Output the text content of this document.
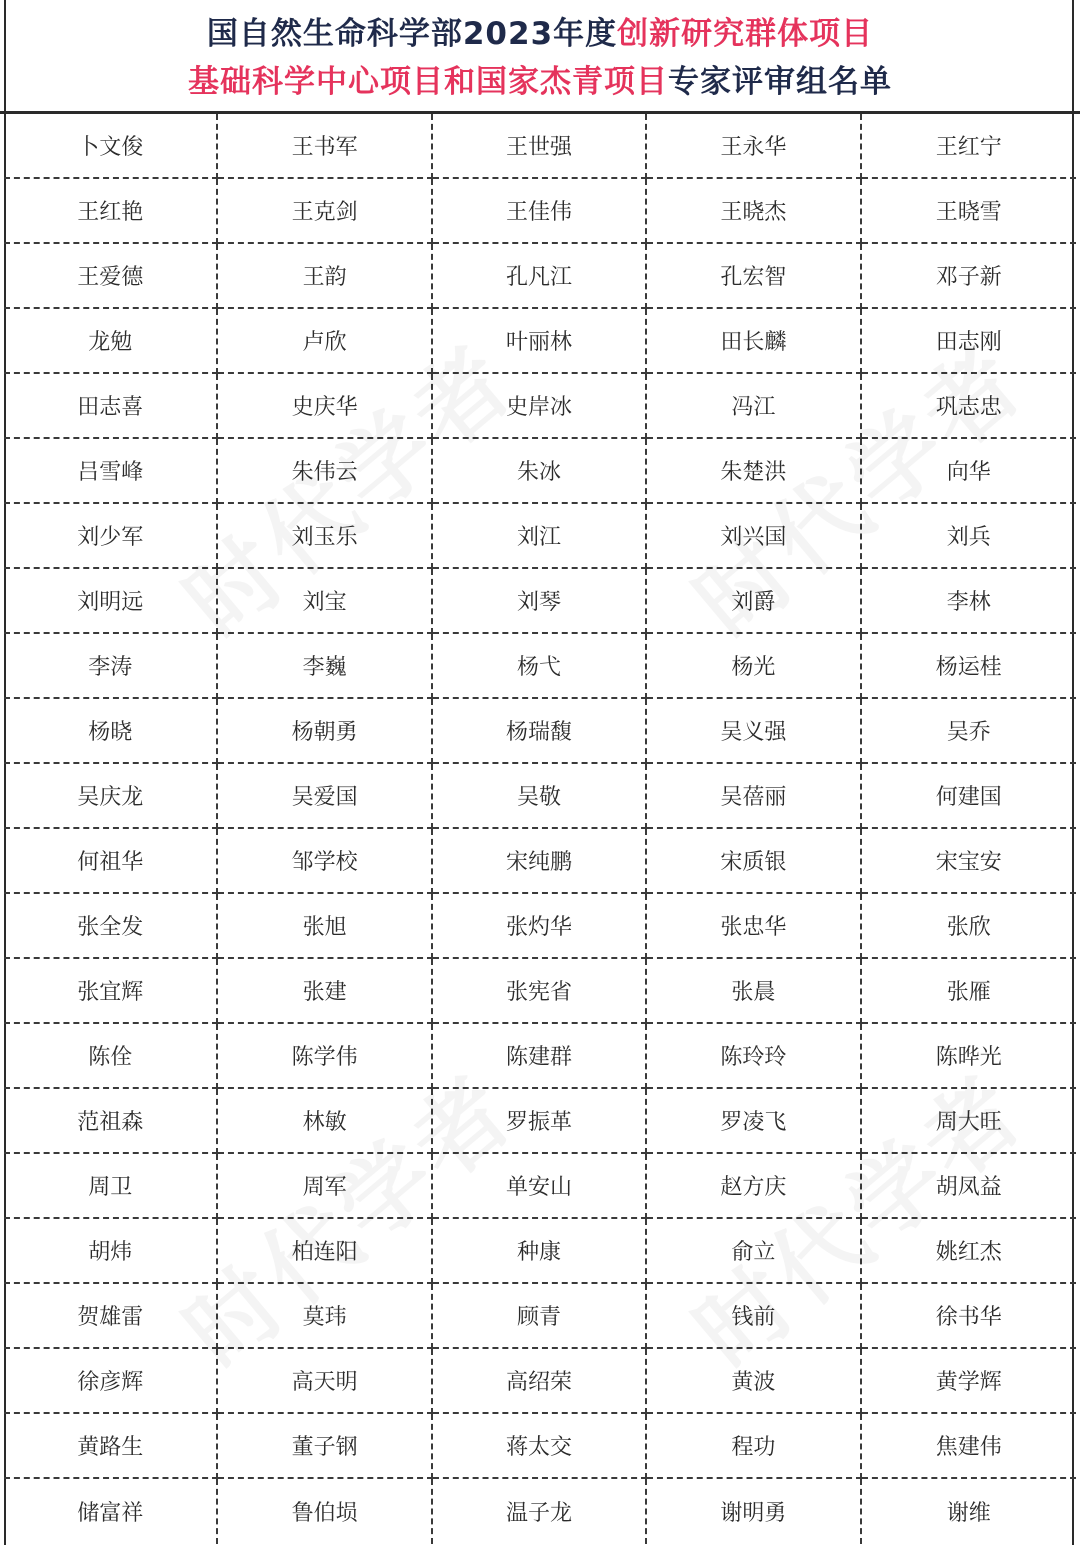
国自然生命科学部2023年度创新研究群体项目
基础科学中心项目和国家杰青项目专家评审组名单
卜文俊	王书军	王世强	王永华	王红宁
王红艳	王克剑	王佳伟	王晓杰	王晓雪
王爱德	王韵	孔凡江	孔宏智	邓子新
龙勉	卢欣	叶丽林	田长麟	田志刚
田志喜	史庆华	史岸冰	冯江	巩志忠
吕雪峰	朱伟云	朱冰	朱楚洪	向华
刘少军	刘玉乐	刘江	刘兴国	刘兵
刘明远	刘宝	刘琴	刘爵	李林
李涛	李巍	杨弋	杨光	杨运桂
杨晓	杨朝勇	杨瑞馥	吴义强	吴乔
吴庆龙	吴爱国	吴敬	吴蓓丽	何建国
何祖华	邹学校	宋纯鹏	宋质银	宋宝安
张全发	张旭	张灼华	张忠华	张欣
张宜辉	张建	张宪省	张晨	张雁
陈佺	陈学伟	陈建群	陈玲玲	陈晔光
范祖森	林敏	罗振革	罗凌飞	周大旺
周卫	周军	单安山	赵方庆	胡凤益
胡炜	柏连阳	种康	俞立	姚红杰
贺雄雷	莫玮	顾青	钱前	徐书华
徐彦辉	高天明	高绍荣	黄波	黄学辉
黄路生	董子钢	蒋太交	程功	焦建伟
储富祥	鲁伯埙	温子龙	谢明勇	谢维
